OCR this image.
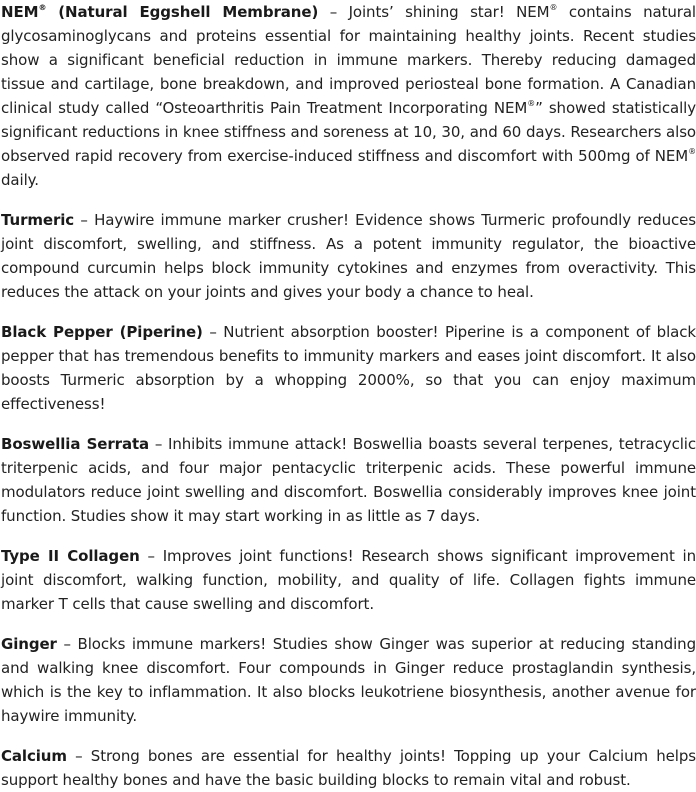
NEM® (Natural Eggshell Membrane) – Joints’ shining star! NEM® contains natural glycosaminoglycans and proteins essential for maintaining healthy joints. Recent studies show a significant beneficial reduction in immune markers. Thereby reducing damaged tissue and cartilage, bone breakdown, and improved periosteal bone formation. A Canadian clinical study called “Osteoarthritis Pain Treatment Incorporating NEM®” showed statistically significant reductions in knee stiffness and soreness at 10, 30, and 60 days. Researchers also observed rapid recovery from exercise-induced stiffness and discomfort with 500mg of NEM® daily.

Turmeric – Haywire immune marker crusher! Evidence shows Turmeric profoundly reduces joint discomfort, swelling, and stiffness. As a potent immunity regulator, the bioactive compound curcumin helps block immunity cytokines and enzymes from overactivity. This reduces the attack on your joints and gives your body a chance to heal.

Black Pepper (Piperine) – Nutrient absorption booster! Piperine is a component of black pepper that has tremendous benefits to immunity markers and eases joint discomfort. It also boosts Turmeric absorption by a whopping 2000%, so that you can enjoy maximum effectiveness!

Boswellia Serrata – Inhibits immune attack! Boswellia boasts several terpenes, tetracyclic triterpenic acids, and four major pentacyclic triterpenic acids. These powerful immune modulators reduce joint swelling and discomfort. Boswellia considerably improves knee joint function. Studies show it may start working in as little as 7 days.

Type II Collagen – Improves joint functions! Research shows significant improvement in joint discomfort, walking function, mobility, and quality of life. Collagen fights immune marker T cells that cause swelling and discomfort.

Ginger – Blocks immune markers! Studies show Ginger was superior at reducing standing and walking knee discomfort. Four compounds in Ginger reduce prostaglandin synthesis, which is the key to inflammation. It also blocks leukotriene biosynthesis, another avenue for haywire immunity.

Calcium – Strong bones are essential for healthy joints! Topping up your Calcium helps support healthy bones and have the basic building blocks to remain vital and robust.
